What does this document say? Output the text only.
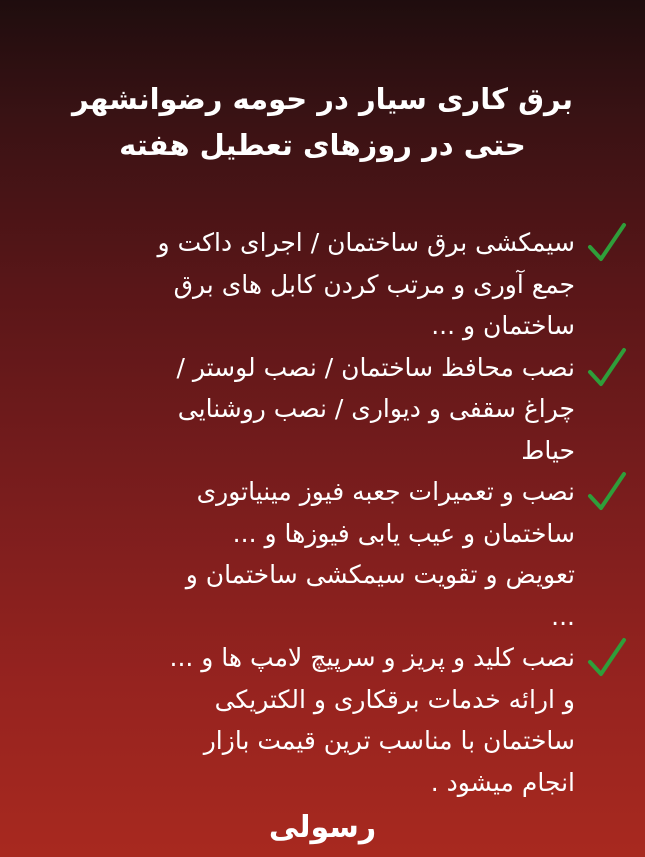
برق کاری سیار در حومه رضوانشهر
حتی در روزهای تعطیل هفته
سیمکشی برق ساختمان / اجرای داکت و
جمع آوری و مرتب کردن کابل های برق
ساختمان و ...
نصب محافظ ساختمان / نصب لوستر /
چراغ سقفی و دیواری / نصب روشنایی
حیاط
نصب و تعمیرات جعبه فیوز مینیاتوری
ساختمان و عیب یابی فیوزها و ...
تعویض و تقویت سیمکشی ساختمان و
...
نصب کلید و پریز و سرپیچ لامپ ها و ...
و ارائه خدمات برقکاری و الکتریکی
ساختمان با مناسب ترین قیمت بازار
انجام میشود .
رسولی
